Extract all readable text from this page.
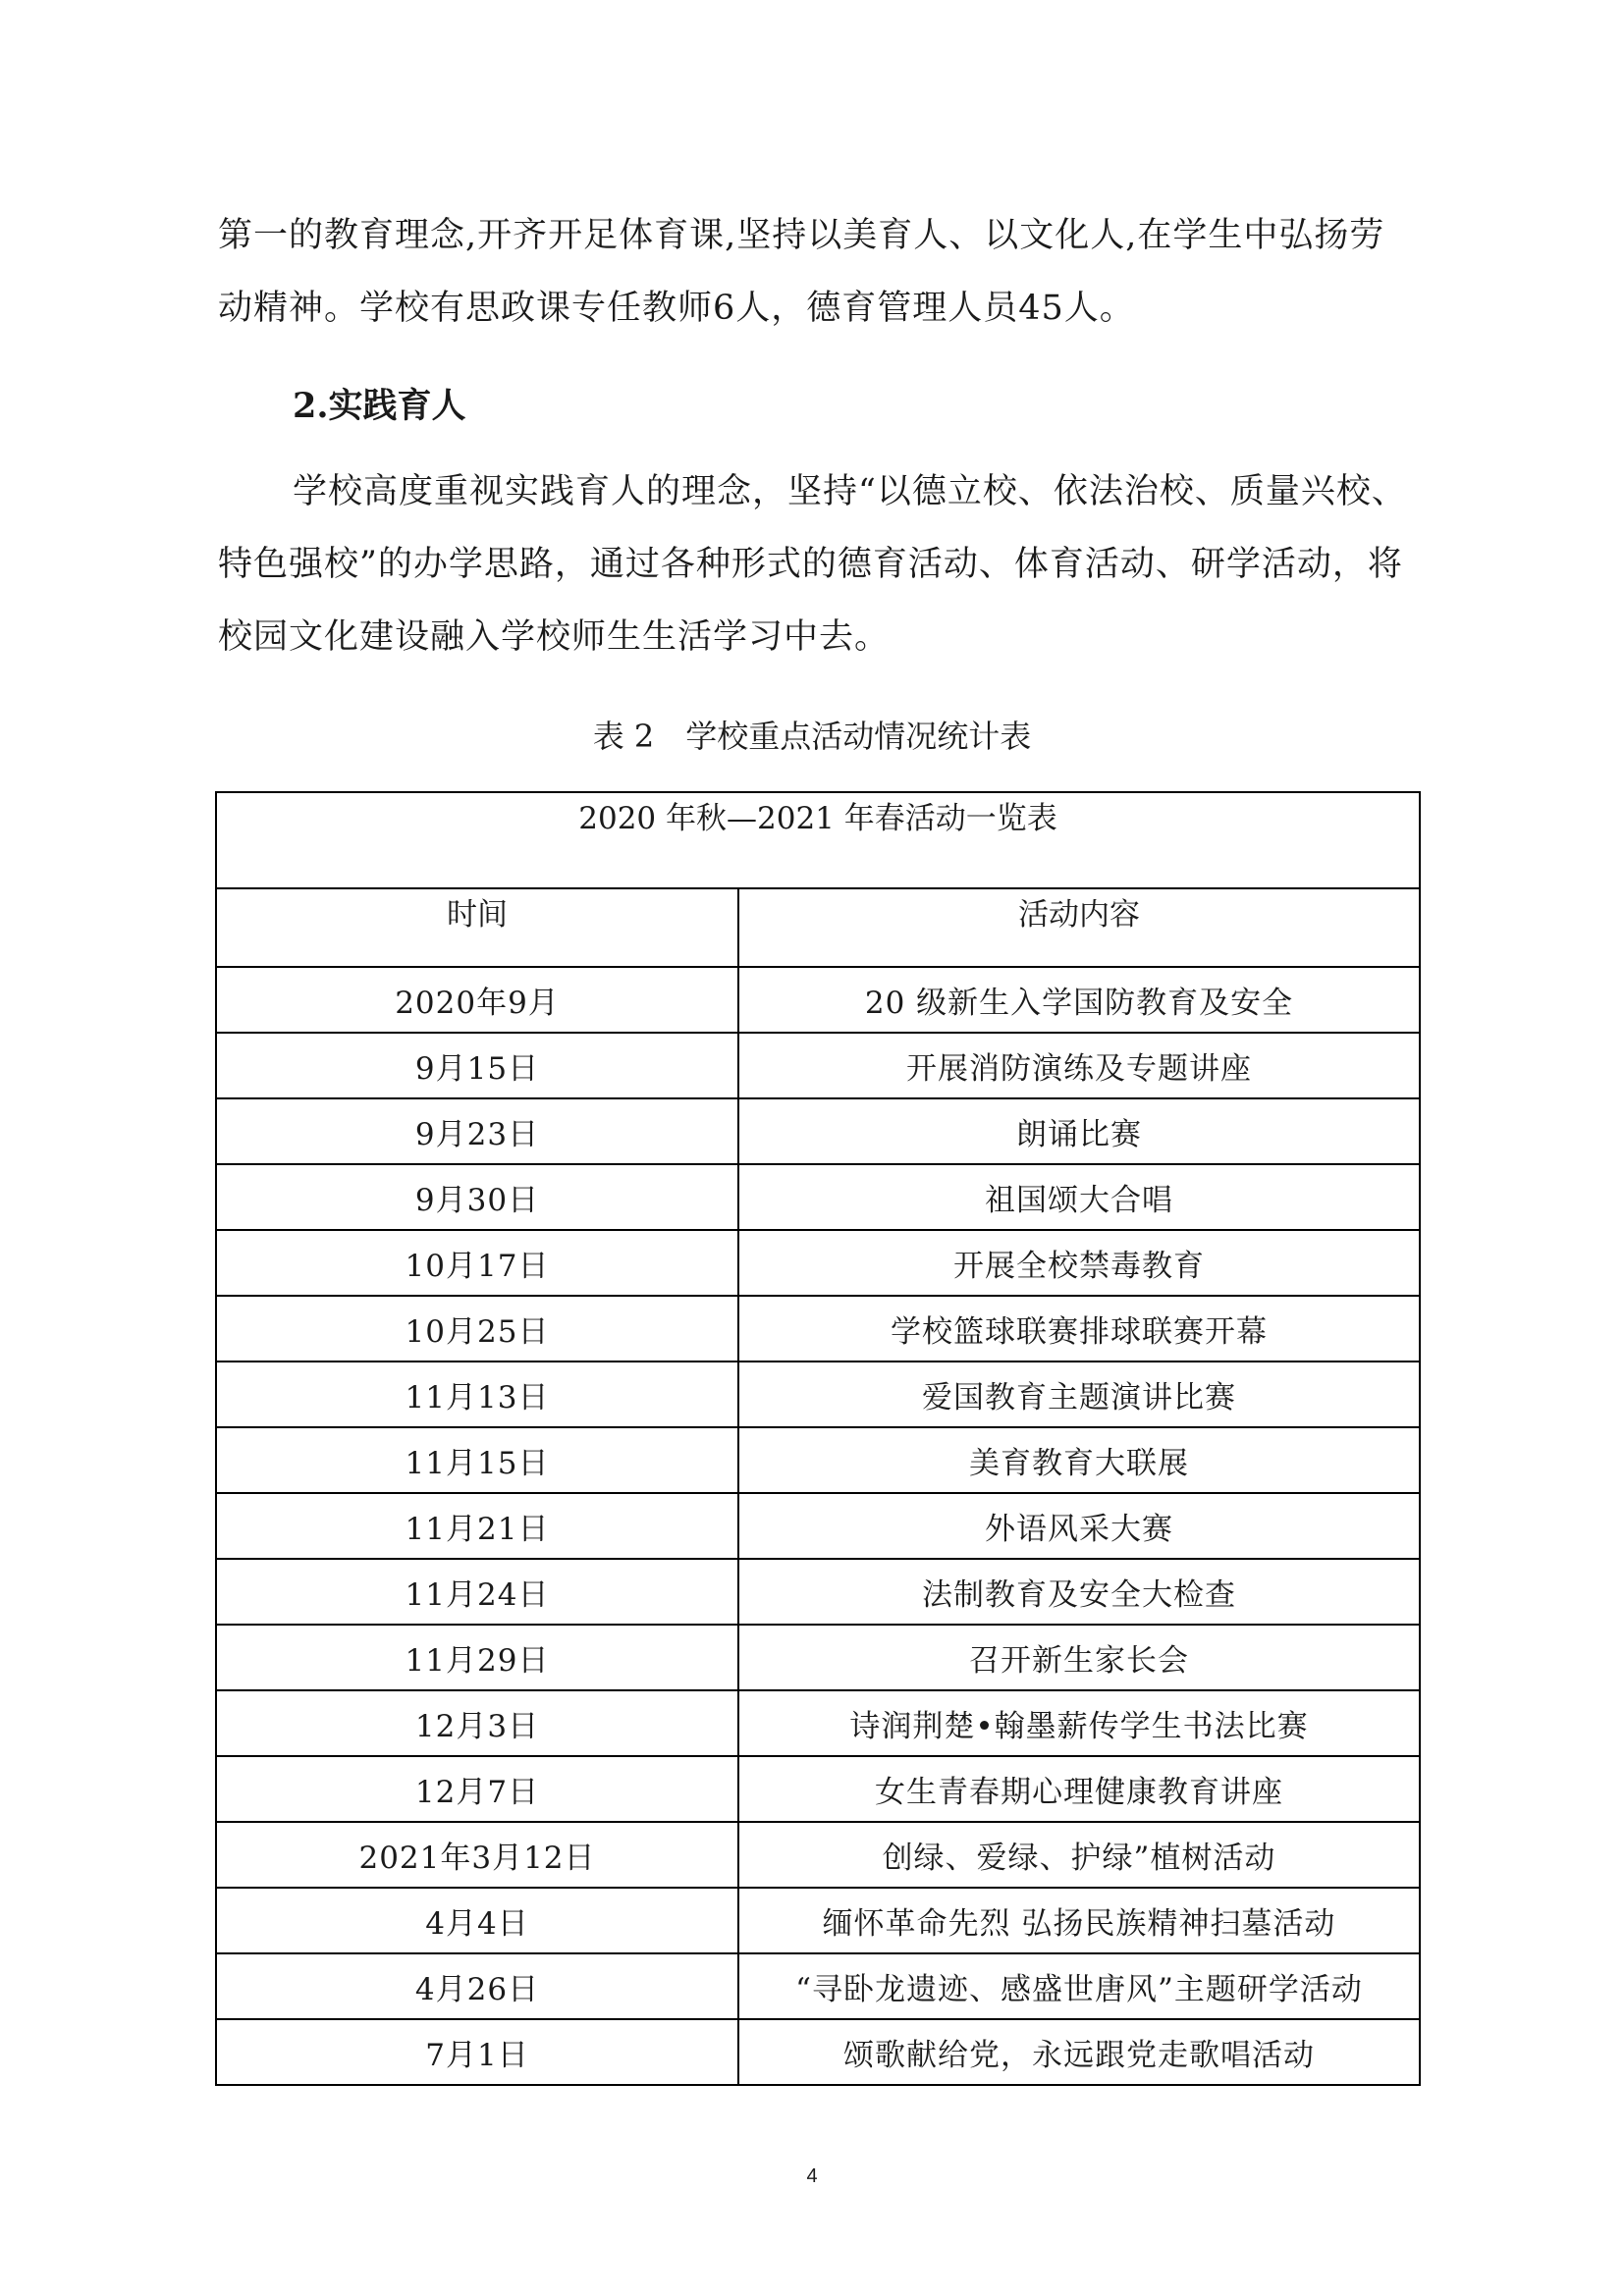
第一的教育理念,开齐开足体育课,坚持以美育人、以文化人,在学生中弘扬劳动精神。学校有思政课专任教师6人，德育管理人员45人。

2.实践育人

学校高度重视实践育人的理念，坚持“以德立校、依法治校、质量兴校、特色强校”的办学思路，通过各种形式的德育活动、体育活动、研学活动，将校园文化建设融入学校师生生活学习中去。

表 2　学校重点活动情况统计表

2020 年秋—2021 年春活动一览表	
时间	活动内容
2020年9月	20 级新生入学国防教育及安全
9月15日	开展消防演练及专题讲座
9月23日	朗诵比赛
9月30日	祖国颂大合唱
10月17日	开展全校禁毒教育
10月25日	学校篮球联赛排球联赛开幕
11月13日	爱国教育主题演讲比赛
11月15日	美育教育大联展
11月21日	外语风采大赛
11月24日	法制教育及安全大检查
11月29日	召开新生家长会
12月3日	诗润荆楚•翰墨薪传学生书法比赛
12月7日	女生青春期心理健康教育讲座
2021年3月12日	创绿、爱绿、护绿”植树活动
4月4日	缅怀革命先烈 弘扬民族精神扫墓活动
4月26日	“寻卧龙遗迹、感盛世唐风”主题研学活动
7月1日	颂歌献给党，永远跟党走歌唱活动

4
